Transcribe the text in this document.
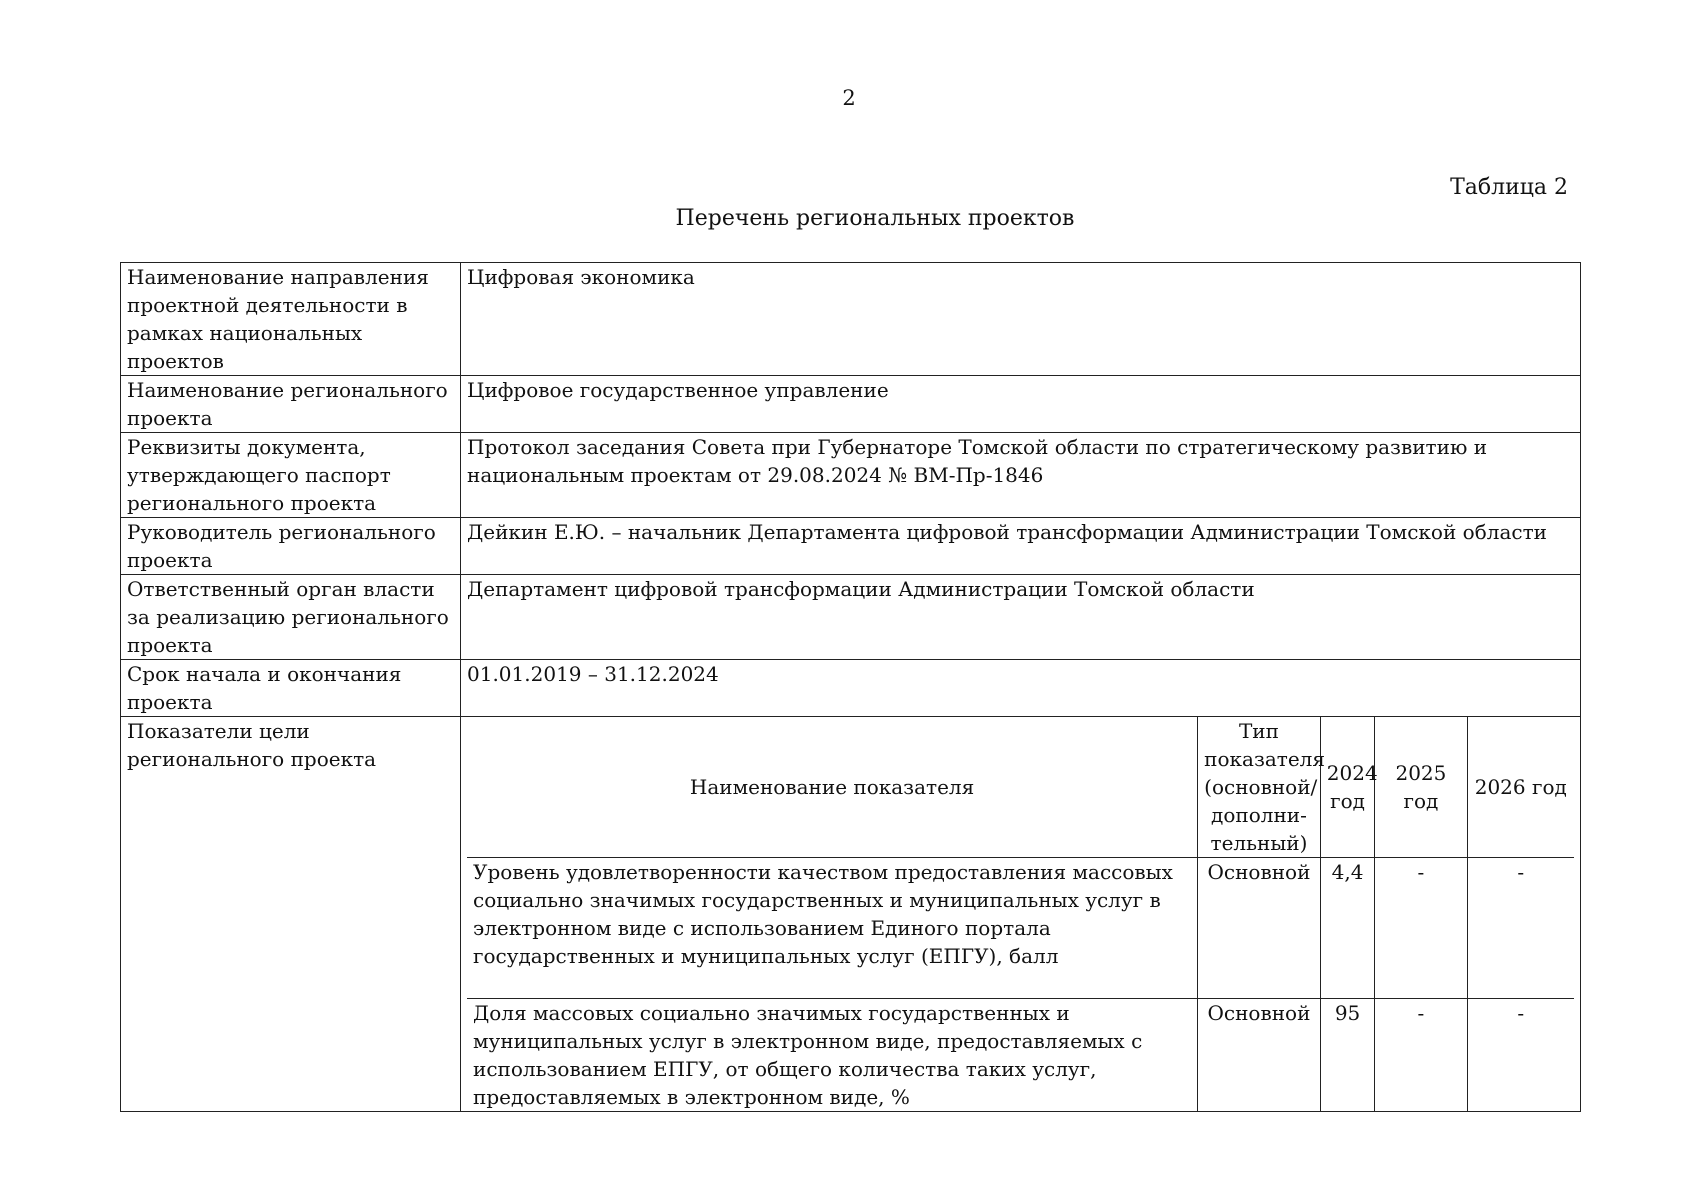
2
Таблица 2
Перечень региональных проектов
Наименование направления проектной деятельности в рамках национальных проектов	Цифровая экономика
Наименование регионального проекта	Цифровое государственное управление
Реквизиты документа, утверждающего паспорт регионального проекта	Протокол заседания Совета при Губернаторе Томской области по стратегическому развитию и национальным проектам от 29.08.2024 № ВМ-Пр-1846
Руководитель регионального проекта	Дейкин Е.Ю. – начальник Департамента цифровой трансформации Администрации Томской области
Ответственный орган власти за реализацию регионального проекта	Департамент цифровой трансформации Администрации Томской области
Срок начала и окончания проекта	01.01.2019 – 31.12.2024
Показатели цели регионального проекта	
Наименование показателя	Тип показателя (основной/ дополни-тельный)	2024 год	2025 год	2026 год
Уровень удовлетворенности качеством предоставления массовых социально значимых государственных и муниципальных услуг в электронном виде с использованием Единого портала государственных и муниципальных услуг (ЕПГУ), балл	Основной	4,4	-	-
Доля массовых социально значимых государственных и муниципальных услуг в электронном виде, предоставляемых с использованием ЕПГУ, от общего количества таких услуг, предоставляемых в электронном виде, %	Основной	95	-	-
